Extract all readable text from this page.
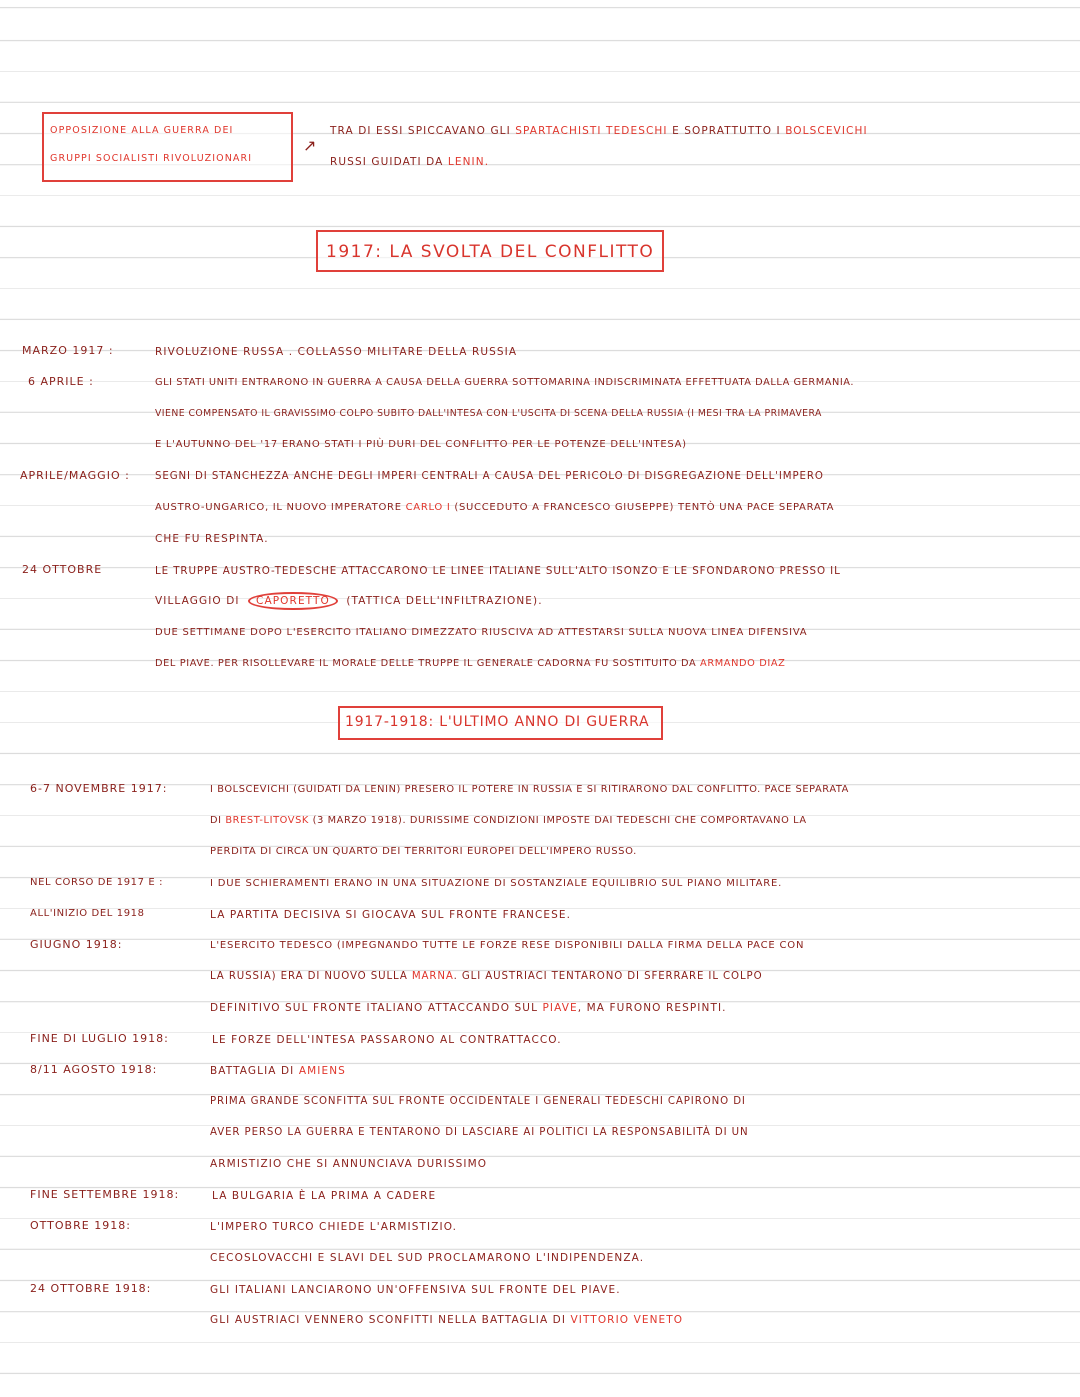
OPPOSIZIONE ALLA GUERRA DEI
GRUPPI SOCIALISTI RIVOLUZIONARI
↗
TRA DI ESSI SPICCAVANO GLI SPARTACHISTI TEDESCHI E SOPRATTUTTO I BOLSCEVICHI
RUSSI GUIDATI DA LENIN.
1917: LA SVOLTA DEL CONFLITTO
MARZO 1917 :	RIVOLUZIONE RUSSA . COLLASSO MILITARE DELLA RUSSIA
6 APRILE :	GLI STATI UNITI ENTRARONO IN GUERRA A CAUSA DELLA GUERRA SOTTOMARINA INDISCRIMINATA EFFETTUATA DALLA GERMANIA.
VIENE COMPENSATO IL GRAVISSIMO COLPO SUBITO DALL'INTESA CON L'USCITA DI SCENA DELLA RUSSIA (I MESI TRA LA PRIMAVERA
E L'AUTUNNO DEL '17 ERANO STATI I PIÙ DURI DEL CONFLITTO PER LE POTENZE DELL'INTESA)
APRILE/MAGGIO : SEGNI DI STANCHEZZA ANCHE DEGLI IMPERI CENTRALI A CAUSA DEL PERICOLO DI DISGREGAZIONE DELL'IMPERO
AUSTRO-UNGARICO, IL NUOVO IMPERATORE CARLO I (SUCCEDUTO A FRANCESCO GIUSEPPE) TENTÒ UNA PACE SEPARATA
CHE FU RESPINTA.
24 OTTOBRE	LE TRUPPE AUSTRO-TEDESCHE ATTACCARONO LE LINEE ITALIANE SULL'ALTO ISONZO E LE SFONDARONO PRESSO IL
VILLAGGIO DI CAPORETTO (TATTICA DELL'INFILTRAZIONE).
DUE SETTIMANE DOPO L'ESERCITO ITALIANO DIMEZZATO RIUSCIVA AD ATTESTARSI SULLA NUOVA LINEA DIFENSIVA
DEL PIAVE. PER RISOLLEVARE IL MORALE DELLE TRUPPE IL GENERALE CADORNA FU SOSTITUITO DA ARMANDO DIAZ
1917-1918: L'ULTIMO ANNO DI GUERRA
6-7 NOVEMBRE 1917:	I BOLSCEVICHI (GUIDATI DA LENIN) PRESERO IL POTERE IN RUSSIA E SI RITIRARONO DAL CONFLITTO. PACE SEPARATA
DI BREST-LITOVSK (3 MARZO 1918). DURISSIME CONDIZIONI IMPOSTE DAI TEDESCHI CHE COMPORTAVANO LA
PERDITA DI CIRCA UN QUARTO DEI TERRITORI EUROPEI DELL'IMPERO RUSSO.
NEL CORSO DE 1917 E :	I DUE SCHIERAMENTI ERANO IN UNA SITUAZIONE DI SOSTANZIALE EQUILIBRIO SUL PIANO MILITARE.
ALL'INIZIO DEL 1918	LA PARTITA DECISIVA SI GIOCAVA SUL FRONTE FRANCESE.
GIUGNO 1918:	L'ESERCITO TEDESCO (IMPEGNANDO TUTTE LE FORZE RESE DISPONIBILI DALLA FIRMA DELLA PACE CON
LA RUSSIA) ERA DI NUOVO SULLA MARNA. GLI AUSTRIACI TENTARONO DI SFERRARE IL COLPO
DEFINITIVO SUL FRONTE ITALIANO ATTACCANDO SUL PIAVE, MA FURONO RESPINTI.
FINE DI LUGLIO 1918:	LE FORZE DELL'INTESA PASSARONO AL CONTRATTACCO.
8/11 AGOSTO 1918:	BATTAGLIA DI AMIENS
PRIMA GRANDE SCONFITTA SUL FRONTE OCCIDENTALE I GENERALI TEDESCHI CAPIRONO DI
AVER PERSO LA GUERRA E TENTARONO DI LASCIARE AI POLITICI LA RESPONSABILITÀ DI UN
ARMISTIZIO CHE SI ANNUNCIAVA DURISSIMO
FINE SETTEMBRE 1918:	LA BULGARIA È LA PRIMA A CADERE
OTTOBRE 1918:	L'IMPERO TURCO CHIEDE L'ARMISTIZIO.
CECOSLOVACCHI E SLAVI DEL SUD PROCLAMARONO L'INDIPENDENZA.
24 OTTOBRE 1918:	GLI ITALIANI LANCIARONO UN'OFFENSIVA SUL FRONTE DEL PIAVE.
GLI AUSTRIACI VENNERO SCONFITTI NELLA BATTAGLIA DI VITTORIO VENETO
